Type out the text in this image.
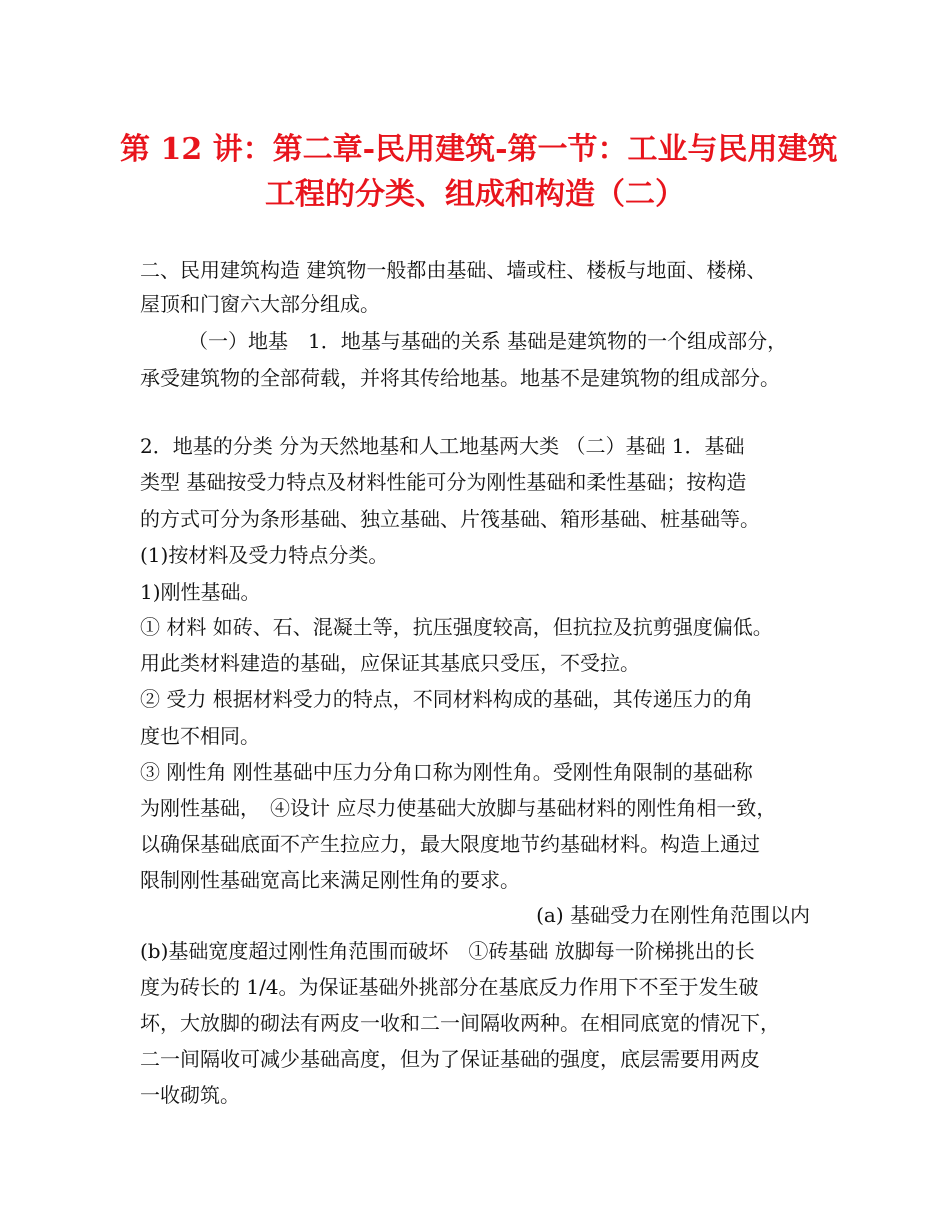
第 12 讲：第二章-民用建筑-第一节：工业与民用建筑
工程的分类、组成和构造（二）
二、民用建筑构造 建筑物一般都由基础、墙或柱、楼板与地面、楼梯、
屋顶和门窗六大部分组成。
（一）地基　1．地基与基础的关系 基础是建筑物的一个组成部分，
承受建筑物的全部荷载，并将其传给地基。地基不是建筑物的组成部分。
2．地基的分类 分为天然地基和人工地基两大类 （二）基础 1．基础
类型 基础按受力特点及材料性能可分为刚性基础和柔性基础；按构造
的方式可分为条形基础、独立基础、片筏基础、箱形基础、桩基础等。
(1)按材料及受力特点分类。
1)刚性基础。
① 材料 如砖、石、混凝土等，抗压强度较高，但抗拉及抗剪强度偏低。
用此类材料建造的基础，应保证其基底只受压，不受拉。
② 受力 根据材料受力的特点，不同材料构成的基础，其传递压力的角
度也不相同。
③ 刚性角 刚性基础中压力分角口称为刚性角。受刚性角限制的基础称
为刚性基础，　④设计 应尽力使基础大放脚与基础材料的刚性角相一致，
以确保基础底面不产生拉应力，最大限度地节约基础材料。构造上通过
限制刚性基础宽高比来满足刚性角的要求。
(a) 基础受力在刚性角范围以内
(b)基础宽度超过刚性角范围而破坏　①砖基础 放脚每一阶梯挑出的长
度为砖长的 1/4。为保证基础外挑部分在基底反力作用下不至于发生破
坏，大放脚的砌法有两皮一收和二一间隔收两种。在相同底宽的情况下，
二一间隔收可减少基础高度，但为了保证基础的强度，底层需要用两皮
一收砌筑。
